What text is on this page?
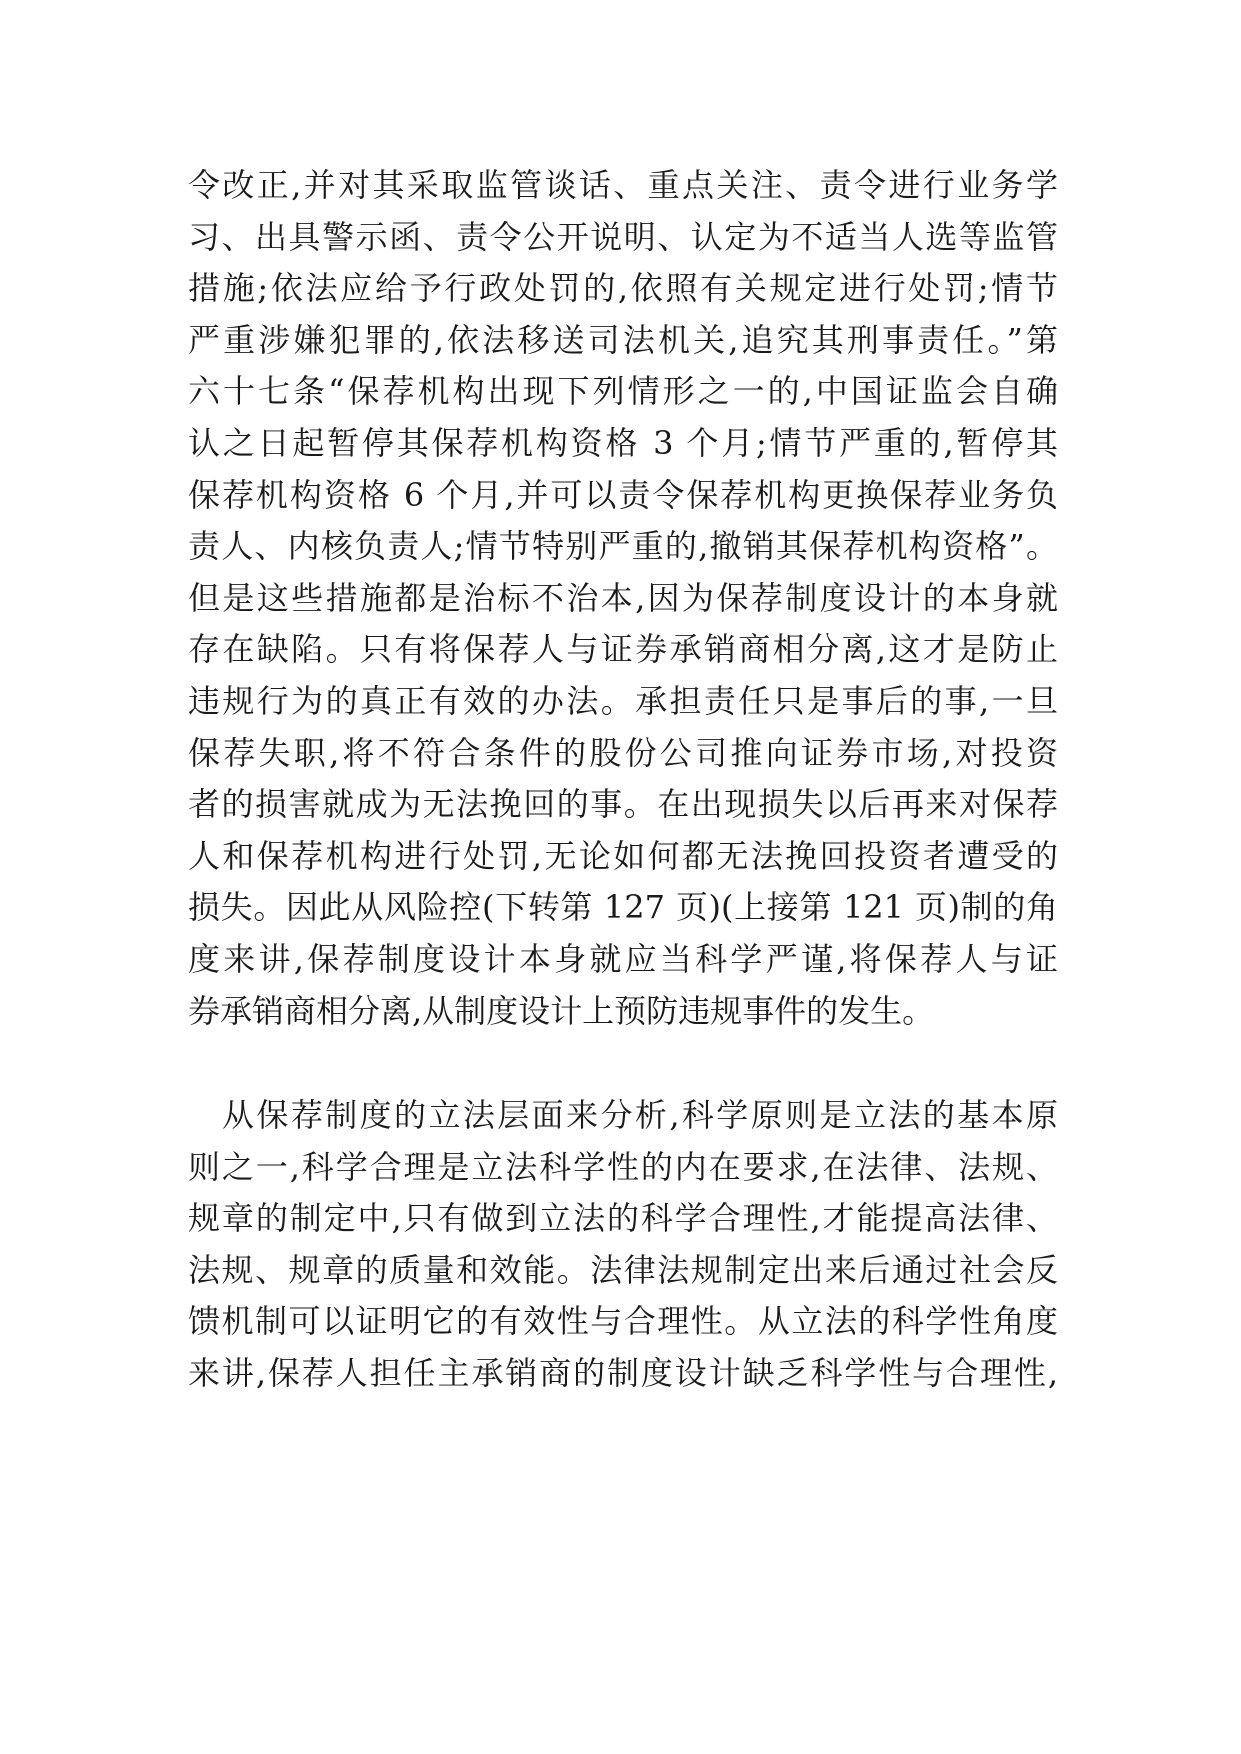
令改正,并对其采取监管谈话、重点关注、责令进行业务学
习、出具警示函、责令公开说明、认定为不适当人选等监管
措施;依法应给予行政处罚的,依照有关规定进行处罚;情节
严重涉嫌犯罪的,依法移送司法机关,追究其刑事责任。”第
六十七条“保荐机构出现下列情形之一的,中国证监会自确
认之日起暂停其保荐机构资格 3 个月;情节严重的,暂停其
保荐机构资格 6 个月,并可以责令保荐机构更换保荐业务负
责人、内核负责人;情节特别严重的,撤销其保荐机构资格”。
但是这些措施都是治标不治本,因为保荐制度设计的本身就
存在缺陷。只有将保荐人与证券承销商相分离,这才是防止
违规行为的真正有效的办法。承担责任只是事后的事,一旦
保荐失职,将不符合条件的股份公司推向证券市场,对投资
者的损害就成为无法挽回的事。在出现损失以后再来对保荐
人和保荐机构进行处罚,无论如何都无法挽回投资者遭受的
损失。因此从风险控(下转第 127 页)(上接第 121 页)制的角
度来讲,保荐制度设计本身就应当科学严谨,将保荐人与证
券承销商相分离,从制度设计上预防违规事件的发生。
从保荐制度的立法层面来分析,科学原则是立法的基本原
则之一,科学合理是立法科学性的内在要求,在法律、法规、
规章的制定中,只有做到立法的科学合理性,才能提高法律、
法规、规章的质量和效能。法律法规制定出来后通过社会反
馈机制可以证明它的有效性与合理性。从立法的科学性角度
来讲,保荐人担任主承销商的制度设计缺乏科学性与合理性,
